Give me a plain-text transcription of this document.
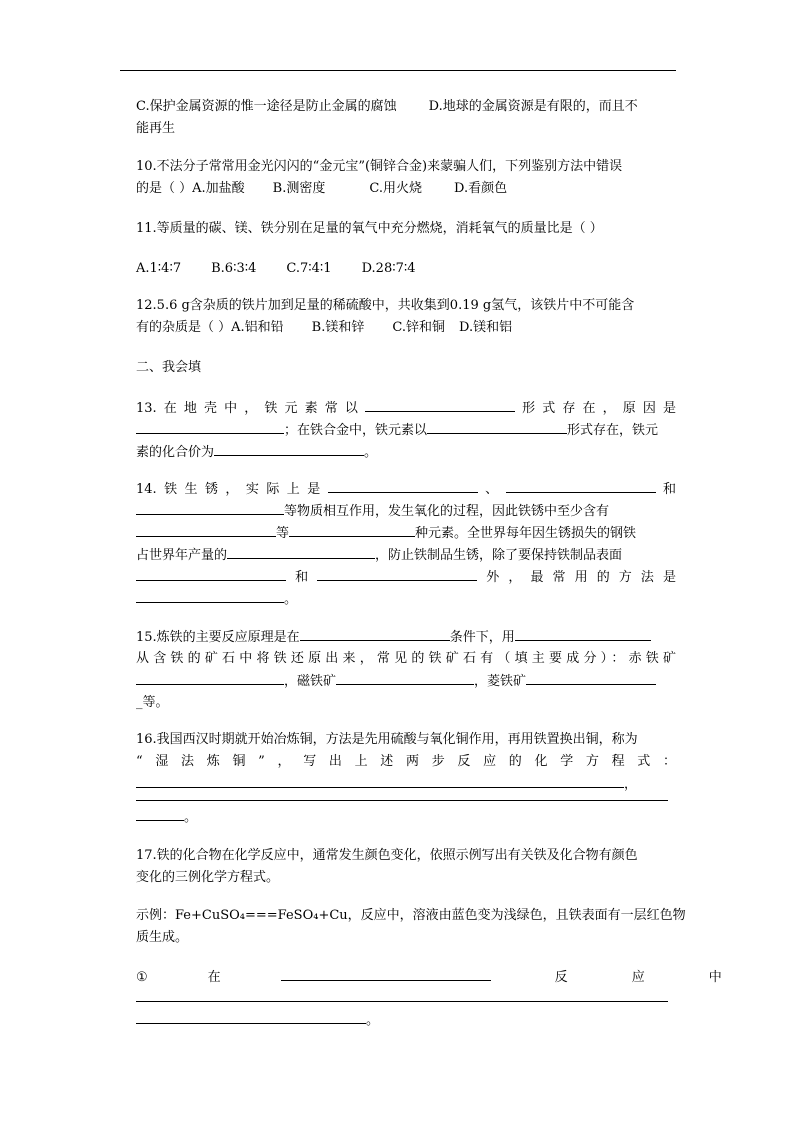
C.保护金属资源的惟一途径是防止金属的腐蚀 D.地球的金属资源是有限的，而且不
能再生
10.不法分子常常用金光闪闪的“金元宝”(铜锌合金)来蒙骗人们，下列鉴别方法中错误
的是（ ）A.加盐酸 B.测密度	C.用火烧 D.看颜色
11.等质量的碳、镁、铁分别在足量的氧气中充分燃烧，消耗氧气的质量比是（ ）
A.1∶4∶7 B.6∶3∶4 C.7∶4∶1 D.28∶7∶4
12.5.6 g含杂质的铁片加到足量的稀硫酸中，共收集到0.19 g氢气，该铁片中不可能含
有的杂质是（ ）A.铝和铅 B.镁和锌 C.锌和铜 D.镁和铝
二、我会填
13.在地壳中，铁元素常以	形式存在，原因是
；在铁合金中，铁元素以	形式存在，铁元
素的化合价为	。
14.铁生锈，实际上是	、	和
等物质相互作用，发生氧化的过程，因此铁锈中至少含有
等	种元素。全世界每年因生锈损失的钢铁
占世界年产量的	，防止铁制品生锈，除了要保持铁制品表面
和	外，最常用的方法是
。
15.炼铁的主要反应原理是在	条件下，用
从含铁的矿石中将铁还原出来，常见的铁矿石有（填主要成分）：赤铁矿
，磁铁矿	，菱铁矿
_等。
16.我国西汉时期就开始冶炼铜，方法是先用硫酸与氧化铜作用，再用铁置换出铜，称为
“湿法炼铜”，写出上述两步反应的化学方程式：
，
。
17.铁的化合物在化学反应中，通常发生颜色变化，依照示例写出有关铁及化合物有颜色
变化的三例化学方程式。
示例：Fe+CuSO₄===FeSO₄+Cu，反应中，溶液由蓝色变为浅绿色，且铁表面有一层红色物
质生成。
①	在	反	应	中
。
